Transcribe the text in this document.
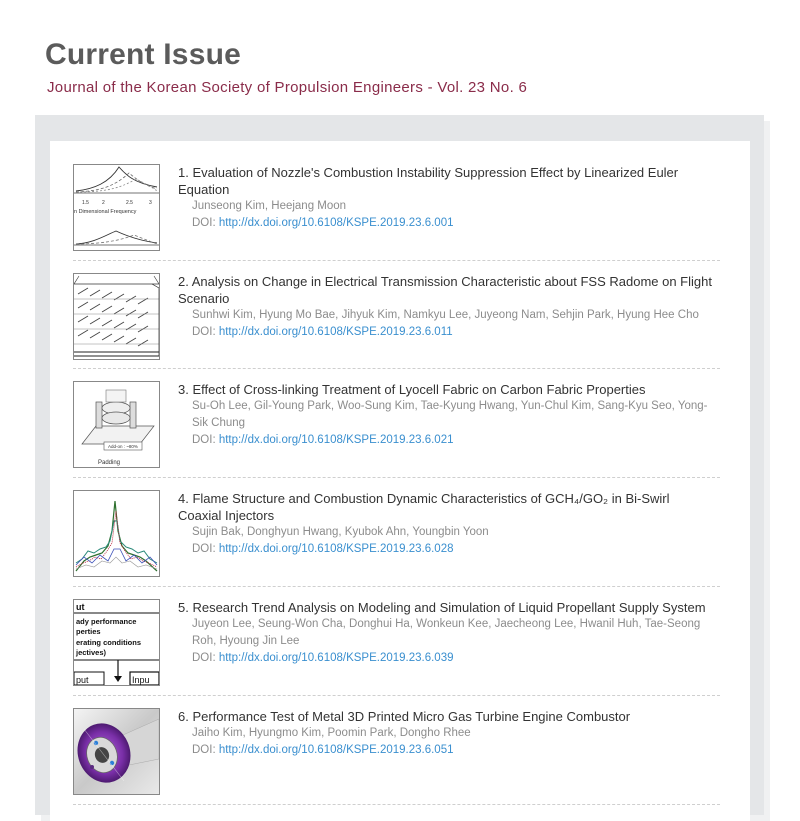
Current Issue
Journal of the Korean Society of Propulsion Engineers - Vol. 23 No. 6
1.5	2	2.5	3
n Dimensional Frequency

1. Evaluation of Nozzle's Combustion Instability Suppression Effect by Linearized Euler Equation

Junseong Kim, Heejang Moon
DOI: http://dx.doi.org/10.6108/KSPE.2019.23.6.001

2. Analysis on Change in Electrical Transmission Characteristic about FSS Radome on Flight Scenario

Sunhwi Kim, Hyung Mo Bae, Jihyuk Kim, Namkyu Lee, Juyeong Nam, Sehjin Park, Hyung Hee Cho
DOI: http://dx.doi.org/10.6108/KSPE.2019.23.6.011
Add-on : ~80%
Padding

3. Effect of Cross-linking Treatment of Lyocell Fabric on Carbon Fabric Properties

Su-Oh Lee, Gil-Young Park, Woo-Sung Kim, Tae-Kyung Hwang, Yun-Chul Kim, Sang-Kyu Seo, Yong-Sik Chung
DOI: http://dx.doi.org/10.6108/KSPE.2019.23.6.021

4. Flame Structure and Combustion Dynamic Characteristics of GCH₄/GO₂ in Bi-Swirl Coaxial Injectors

Sujin Bak, Donghyun Hwang, Kyubok Ahn, Youngbin Yoon
DOI: http://dx.doi.org/10.6108/KSPE.2019.23.6.028
ut
ady performance
perties
erating conditions
jectives)
put	Inpu

5. Research Trend Analysis on Modeling and Simulation of Liquid Propellant Supply System

Juyeon Lee, Seung-Won Cha, Donghui Ha, Wonkeun Kee, Jaecheong Lee, Hwanil Huh, Tae-Seong Roh, Hyoung Jin Lee
DOI: http://dx.doi.org/10.6108/KSPE.2019.23.6.039

6. Performance Test of Metal 3D Printed Micro Gas Turbine Engine Combustor

Jaiho Kim, Hyungmo Kim, Poomin Park, Dongho Rhee
DOI: http://dx.doi.org/10.6108/KSPE.2019.23.6.051
